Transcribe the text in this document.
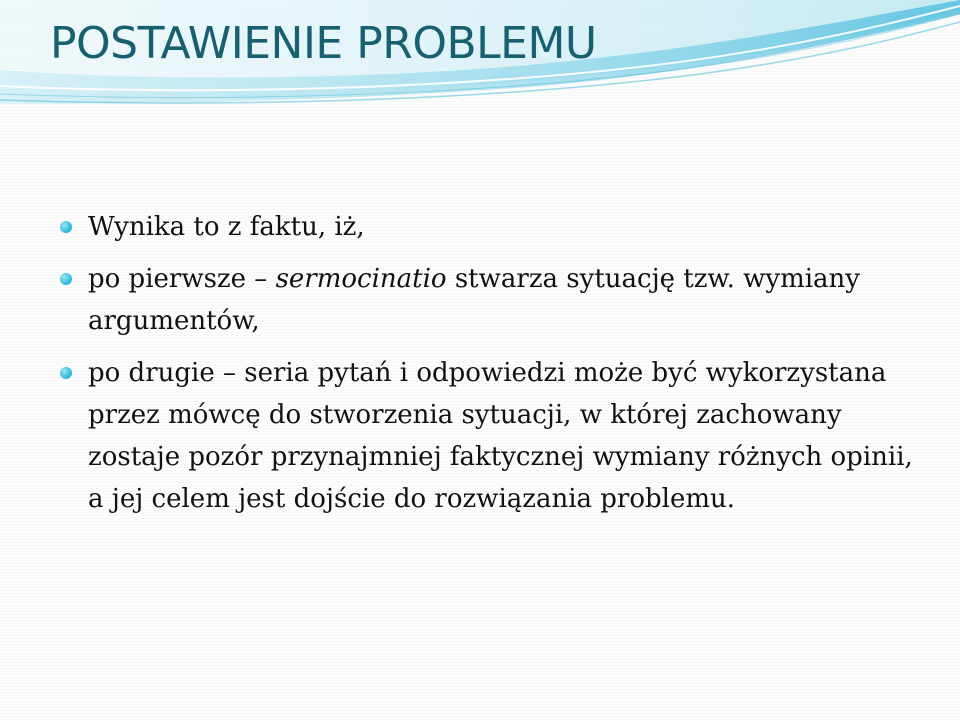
POSTAWIENIE PROBLEMU
Wynika to z faktu, iż,
po pierwsze – sermocinatio stwarza sytuację tzw. wymiany argumentów,
po drugie – seria pytań i odpowiedzi może być wykorzystana przez mówcę do stworzenia sytuacji, w której zachowany zostaje pozór przynajmniej faktycznej wymiany różnych opinii, a jej celem jest dojście do rozwiązania problemu.
